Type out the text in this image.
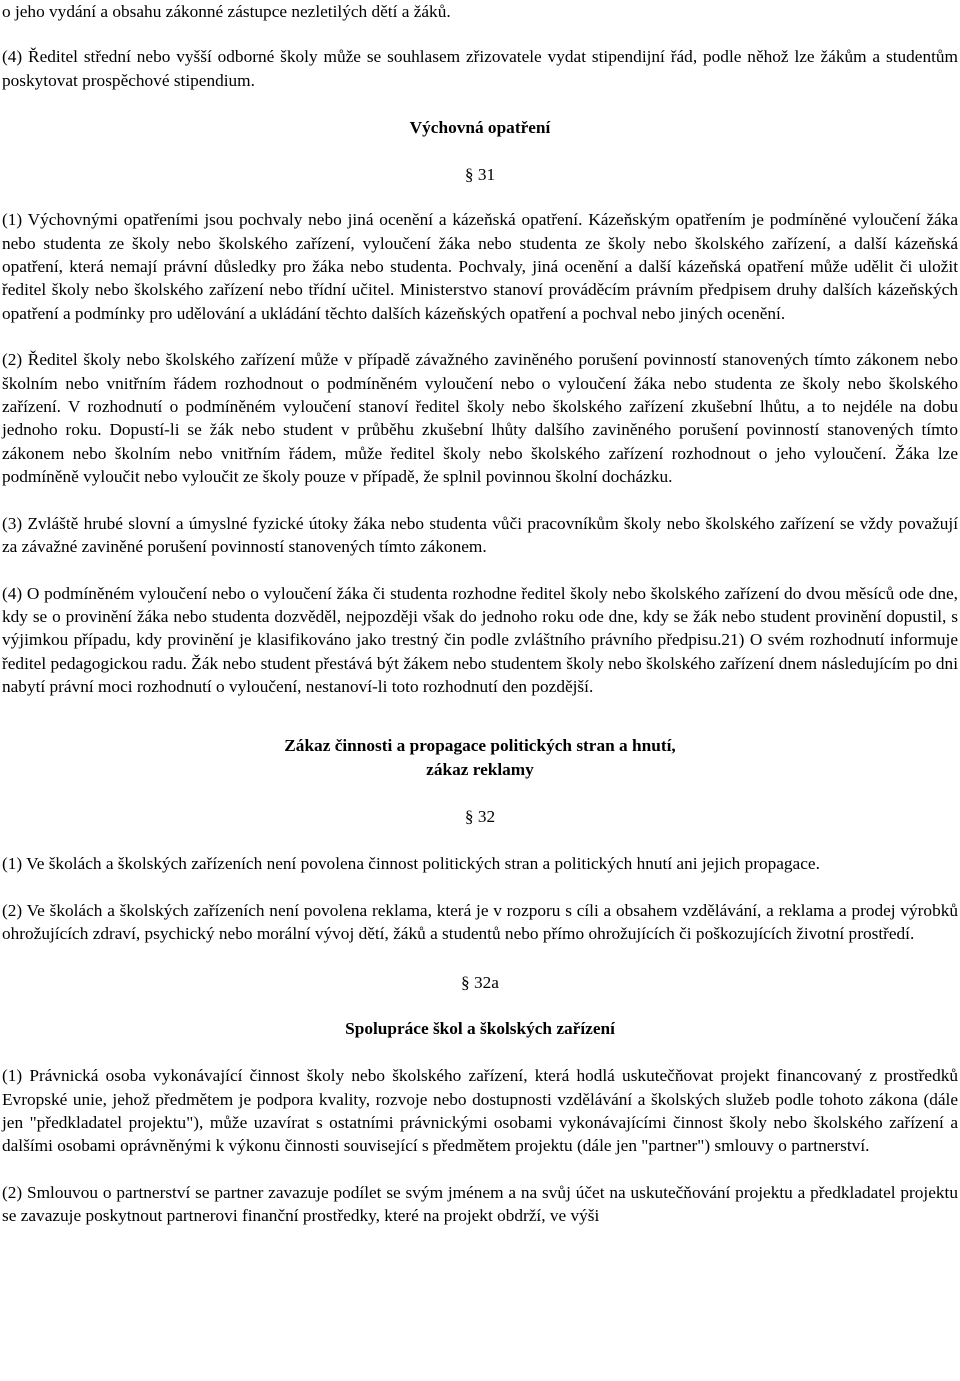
o jeho vydání a obsahu zákonné zástupce nezletilých dětí a žáků.

(4) Ředitel střední nebo vyšší odborné školy může se souhlasem zřizovatele vydat stipendijní řád, podle něhož lze žákům a studentům poskytovat prospěchové stipendium.

Výchovná opatření

§ 31

(1) Výchovnými opatřeními jsou pochvaly nebo jiná ocenění a kázeňská opatření. Kázeňským opatřením je podmíněné vyloučení žáka nebo studenta ze školy nebo školského zařízení, vyloučení žáka nebo studenta ze školy nebo školského zařízení, a další kázeňská opatření, která nemají právní důsledky pro žáka nebo studenta. Pochvaly, jiná ocenění a další kázeňská opatření může udělit či uložit ředitel školy nebo školského zařízení nebo třídní učitel. Ministerstvo stanoví prováděcím právním předpisem druhy dalších kázeňských opatření a podmínky pro udělování a ukládání těchto dalších kázeňských opatření a pochval nebo jiných ocenění.

(2) Ředitel školy nebo školského zařízení může v případě závažného zaviněného porušení povinností stanovených tímto zákonem nebo školním nebo vnitřním řádem rozhodnout o podmíněném vyloučení nebo o vyloučení žáka nebo studenta ze školy nebo školského zařízení. V rozhodnutí o podmíněném vyloučení stanoví ředitel školy nebo školského zařízení zkušební lhůtu, a to nejdéle na dobu jednoho roku. Dopustí-li se žák nebo student v průběhu zkušební lhůty dalšího zaviněného porušení povinností stanovených tímto zákonem nebo školním nebo vnitřním řádem, může ředitel školy nebo školského zařízení rozhodnout o jeho vyloučení. Žáka lze podmíněně vyloučit nebo vyloučit ze školy pouze v případě, že splnil povinnou školní docházku.

(3) Zvláště hrubé slovní a úmyslné fyzické útoky žáka nebo studenta vůči pracovníkům školy nebo školského zařízení se vždy považují za závažné zaviněné porušení povinností stanovených tímto zákonem.

(4) O podmíněném vyloučení nebo o vyloučení žáka či studenta rozhodne ředitel školy nebo školského zařízení do dvou měsíců ode dne, kdy se o provinění žáka nebo studenta dozvěděl, nejpozději však do jednoho roku ode dne, kdy se žák nebo student provinění dopustil, s výjimkou případu, kdy provinění je klasifikováno jako trestný čin podle zvláštního právního předpisu.21) O svém rozhodnutí informuje ředitel pedagogickou radu. Žák nebo student přestává být žákem nebo studentem školy nebo školského zařízení dnem následujícím po dni nabytí právní moci rozhodnutí o vyloučení, nestanoví-li toto rozhodnutí den pozdější.

Zákaz činnosti a propagace politických stran a hnutí,

zákaz reklamy

§ 32

(1) Ve školách a školských zařízeních není povolena činnost politických stran a politických hnutí ani jejich propagace.

(2) Ve školách a školských zařízeních není povolena reklama, která je v rozporu s cíli a obsahem vzdělávání, a reklama a prodej výrobků ohrožujících zdraví, psychický nebo morální vývoj dětí, žáků a studentů nebo přímo ohrožujících či poškozujících životní prostředí.

§ 32a

Spolupráce škol a školských zařízení

(1) Právnická osoba vykonávající činnost školy nebo školského zařízení, která hodlá uskutečňovat projekt financovaný z prostředků Evropské unie, jehož předmětem je podpora kvality, rozvoje nebo dostupnosti vzdělávání a školských služeb podle tohoto zákona (dále jen "předkladatel projektu"), může uzavírat s ostatními právnickými osobami vykonávajícími činnost školy nebo školského zařízení a dalšími osobami oprávněnými k výkonu činnosti související s předmětem projektu (dále jen "partner") smlouvy o partnerství.

(2) Smlouvou o partnerství se partner zavazuje podílet se svým jménem a na svůj účet na uskutečňování projektu a předkladatel projektu se zavazuje poskytnout partnerovi finanční prostředky, které na projekt obdrží, ve výši
